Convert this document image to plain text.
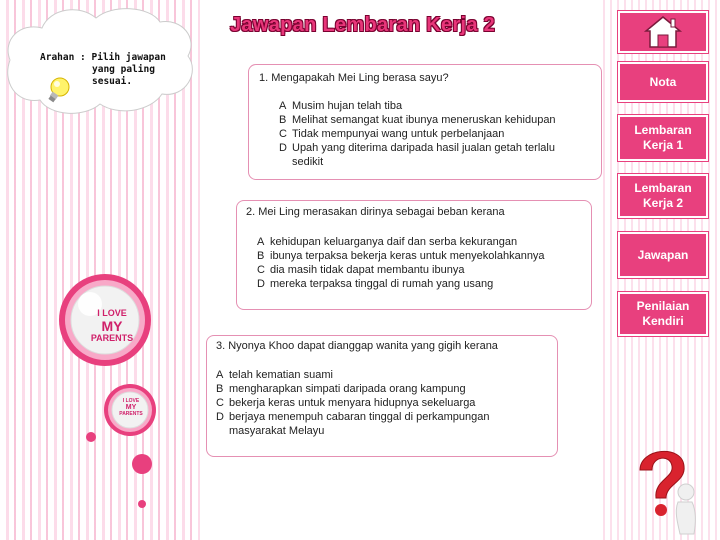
Arahan : Pilih jawapan

yang paling
sesuai.
Jawapan Lembaran Kerja 2
1. Mengapakah Mei Ling berasa sayu?
A Musim hujan telah tiba
B Melihat semangat kuat ibunya meneruskan kehidupan
C Tidak mempunyai wang untuk perbelanjaan
D Upah yang diterima daripada hasil jualan getah terlalu sedikit
2. Mei Ling merasakan dirinya sebagai beban kerana
A kehidupan keluarganya daif dan serba kekurangan
B ibunya terpaksa bekerja keras untuk menyekolahkannya
C dia masih tidak dapat membantu ibunya
D mereka terpaksa tinggal di rumah yang usang
3. Nyonya Khoo dapat dianggap wanita yang gigih kerana
A telah kematian suami
B mengharapkan simpati daripada orang kampung
C bekerja keras untuk menyara hidupnya sekeluarga
D berjaya menempuh cabaran tinggal di perkampungan masyarakat Melayu
I LOVE
MY
PARENTS
I LOVE
MY
PARENTS
Nota
Lembaran Kerja 1
Lembaran Kerja 2
Jawapan
Penilaian Kendiri
